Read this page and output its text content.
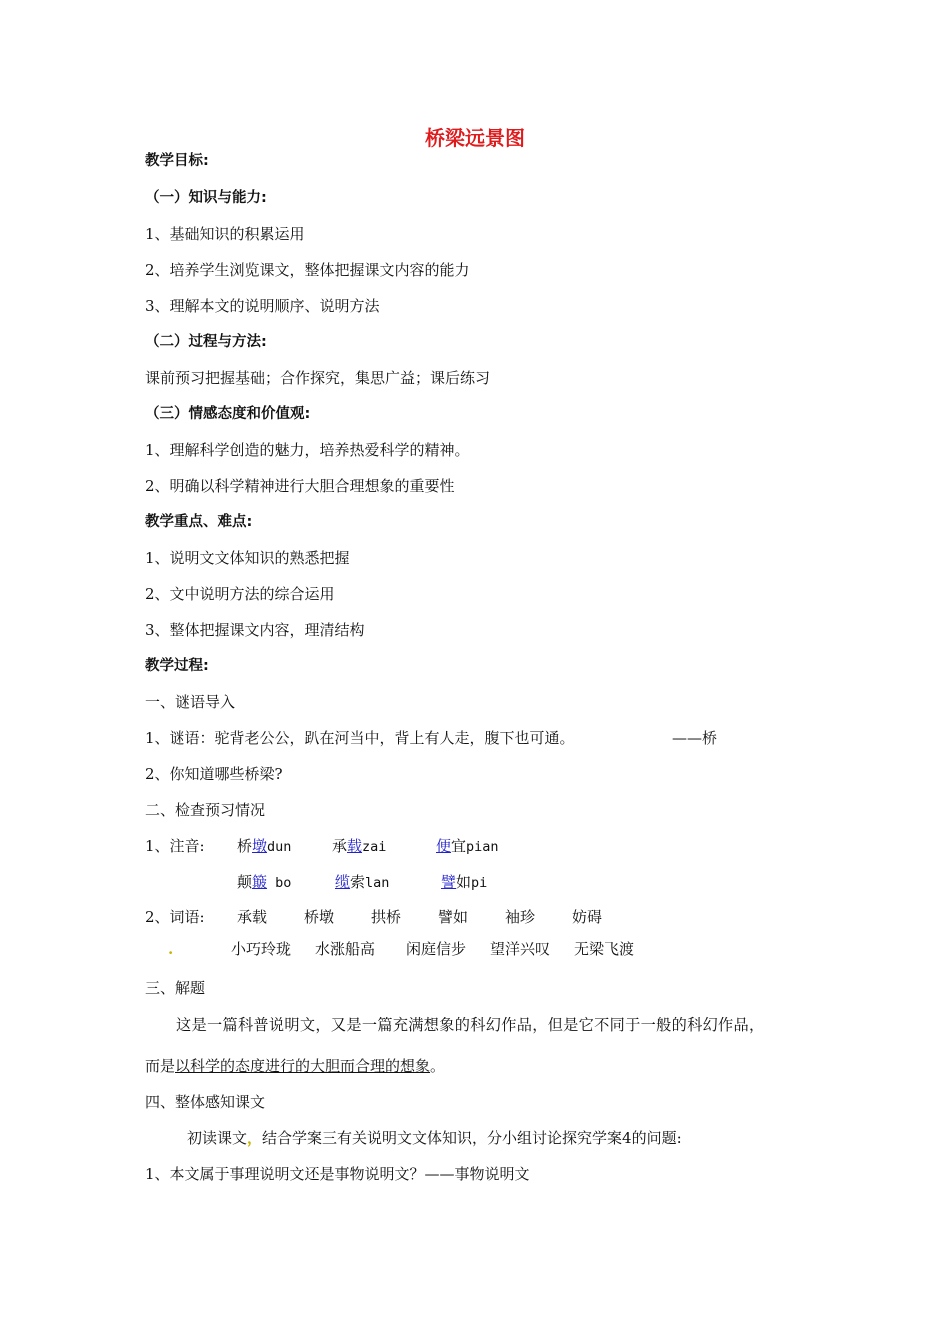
桥梁远景图
教学目标:
（一）知识与能力:
1、基础知识的积累运用
2、培养学生浏览课文，整体把握课文内容的能力
3、理解本文的说明顺序、说明方法
（二）过程与方法:
课前预习把握基础；合作探究，集思广益；课后练习
（三）情感态度和价值观:
1、理解科学创造的魅力，培养热爱科学的精神。
2、明确以科学精神进行大胆合理想象的重要性
教学重点、难点:
1、说明文文体知识的熟悉把握
2、文中说明方法的综合运用
3、整体把握课文内容，理清结构
教学过程:
一、谜语导入
1、谜语：驼背老公公，趴在河当中，背上有人走，腹下也可通。	——桥
2、你知道哪些桥梁?
二、检查预习情况
1、注音: 桥墩dun	承载zai	便宜pian
颠簸 bo	缆索lan	譬如pi
2、词语: 承载 桥墩 拱桥 譬如 袖珍 妨碍
.	小巧玲珑 水涨船高 闲庭信步 望洋兴叹 无梁飞渡
三、解题
这是一篇科普说明文，又是一篇充满想象的科幻作品，但是它不同于一般的科幻作品，
而是以科学的态度进行的大胆而合理的想象。
四、整体感知课文
初读课文，结合学案三有关说明文文体知识，分小组讨论探究学案4的问题:
1、本文属于事理说明文还是事物说明文？——事物说明文
